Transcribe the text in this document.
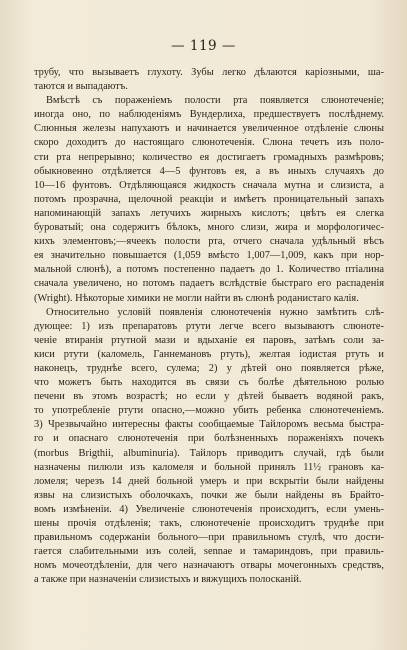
— 119 —
трубу, что вызываетъ глухоту. Зубы легко дѣлаются каріозными, ша-
таются и выпадаютъ.
Вмѣстѣ съ пораженіемъ полости рта появляется слюнотеченіе;
иногда оно, по наблюденіямъ Вундерлиха, предшествуетъ послѣднему.
Слюнныя железы напухаютъ и начинается увеличенное отдѣленіе слюны
скоро доходитъ до настоящаго слюнотеченія. Слюна течетъ изъ поло-
сти рта непрерывно; количество ея достигаетъ громадныхъ размѣровъ;
обыкновенно отдѣляется 4—5 фунтовъ ея, а въ иныхъ случаяхъ до
10—16 фунтовъ. Отдѣляющаяся жидкость сначала мутна и слизиста, а
потомъ прозрачна, щелочной реакціи и имѣетъ проницательный запахъ
напоминающій запахъ летучихъ жирныхъ кислотъ; цвѣтъ ея слегка
буроватый; она содержитъ бѣлокъ, много слизи, жира и морфологичес-
кихъ элементовъ;—ячеекъ полости рта, отчего сначала удѣльный вѣсъ
ея значительно повышается (1,059 вмѣсто 1,007—1,009, какъ при нор-
мальной слюнѣ), а потомъ постепенно падаетъ до 1. Количество птіалина
сначала увеличено, но потомъ падаетъ вслѣдствіе быстраго его распаденія
(Wright). Нѣкоторые химики не могли найти въ слюнѣ роданистаго калія.
Относительно условій появленія слюнотеченія нужно замѣтить слѣ-
дующее: 1) изъ препаратовъ ртути легче всего вызываютъ слюноте-
ченіе втиранія ртутной мази и вдыханіе ея паровъ, затѣмъ соли за-
киси ртути (каломель, Ганнемановъ ртуть), желтая іодистая ртуть и
наконецъ, труднѣе всего, сулема; 2) у дѣтей оно появляется рѣже,
что можетъ быть находится въ связи съ болѣе дѣятельною ролью
печени въ этомъ возрастѣ; но если у дѣтей бываетъ водяной ракъ,
то употребленіе ртути опасно,—можно убить ребенка слюнотеченіемъ.
3) Чрезвычайно интересны факты сообщаемые Тайлоромъ весьма быстра-
го и опаснаго слюнотеченія при болѣзненныхъ пораженіяхъ почекъ
(morbus Brigthii, albuminuria). Тайлоръ приводитъ случай, гдѣ были
назначены пилюли изъ каломеля и больной принялъ 11½ грановъ ка-
ломеля; черезъ 14 дней больной умеръ и при вскрытіи были найдены
язвы на слизистыхъ оболочкахъ, почки же были найдены въ Брайто-
вомъ измѣненіи. 4) Увеличеніе слюнотеченія происходитъ, если умень-
шены прочія отдѣленія; такъ, слюнотеченіе происходитъ труднѣе при
правильномъ содержаніи больного—при правильномъ стулѣ, что дости-
гается слабительными изъ солей, sennae и тамариндовъ, при правиль-
номъ мочеотдѣленіи, для чего назначаютъ отвары мочегонныхъ средствъ,
а также при назначеніи слизистыхъ и вяжущихъ полосканій.
